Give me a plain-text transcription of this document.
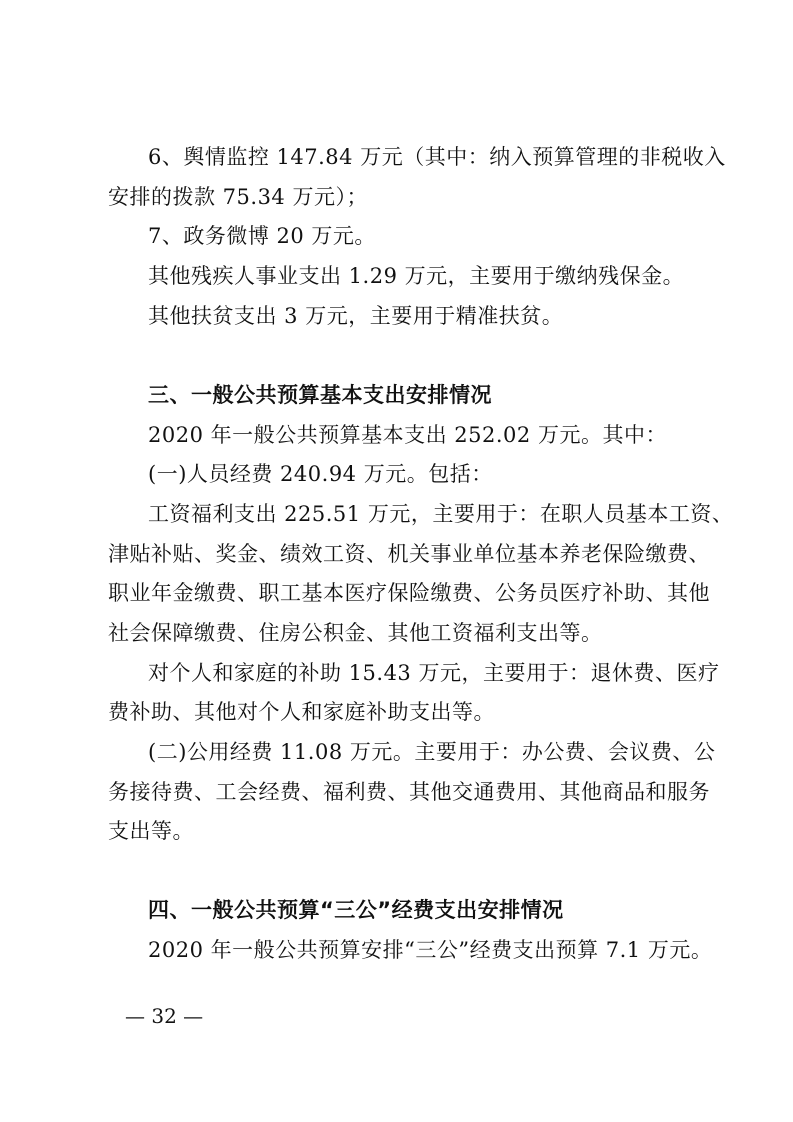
6、舆情监控 147.84 万元（其中：纳入预算管理的非税收入
安排的拨款 75.34 万元）；
7、政务微博 20 万元。
其他残疾人事业支出 1.29 万元，主要用于缴纳残保金。
其他扶贫支出 3 万元，主要用于精准扶贫。
三、一般公共预算基本支出安排情况
2020 年一般公共预算基本支出 252.02 万元。其中：
(一)人员经费 240.94 万元。包括：
工资福利支出 225.51 万元，主要用于：在职人员基本工资、
津贴补贴、奖金、绩效工资、机关事业单位基本养老保险缴费、
职业年金缴费、职工基本医疗保险缴费、公务员医疗补助、其他
社会保障缴费、住房公积金、其他工资福利支出等。
对个人和家庭的补助 15.43 万元，主要用于：退休费、医疗
费补助、其他对个人和家庭补助支出等。
(二)公用经费 11.08 万元。主要用于：办公费、会议费、公
务接待费、工会经费、福利费、其他交通费用、其他商品和服务
支出等。
四、一般公共预算“三公”经费支出安排情况
2020 年一般公共预算安排“三公”经费支出预算 7.1 万元。
— 32 —
